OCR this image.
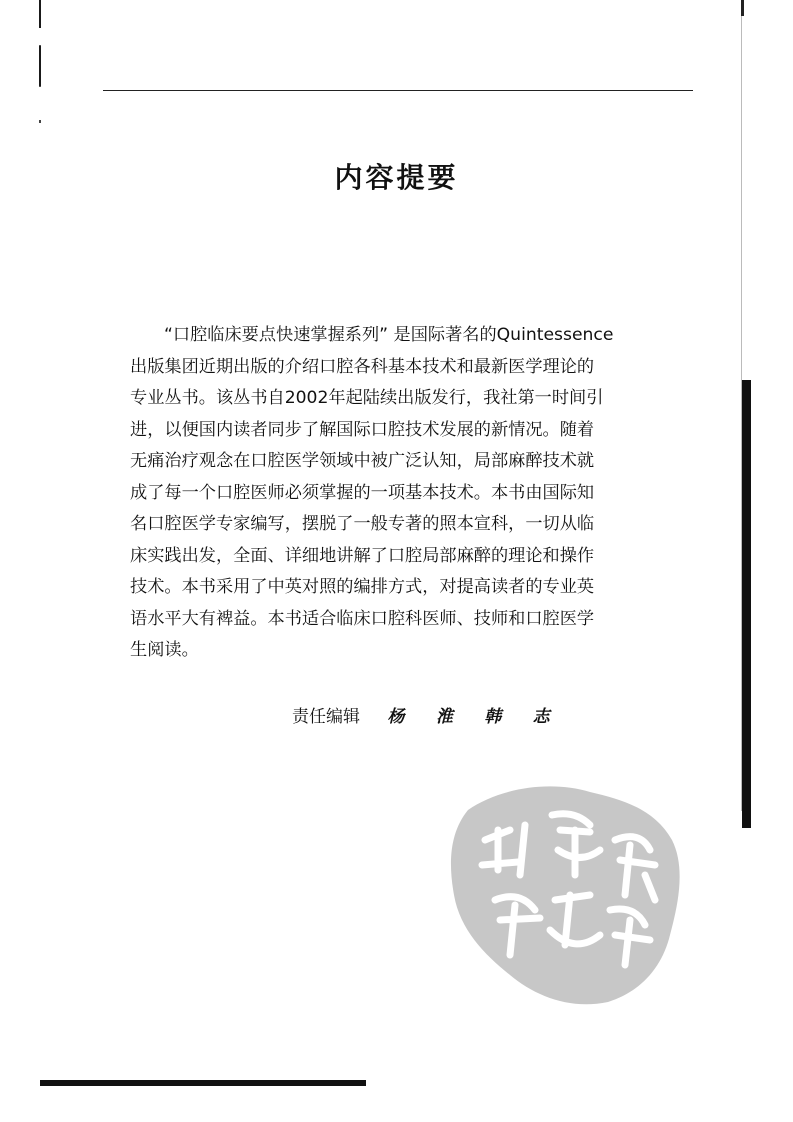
内容提要
“口腔临床要点快速掌握系列” 是国际著名的Quintessence
出版集团近期出版的介绍口腔各科基本技术和最新医学理论的
专业丛书。该丛书自2002年起陆续出版发行，我社第一时间引
进，以便国内读者同步了解国际口腔技术发展的新情况。随着
无痛治疗观念在口腔医学领域中被广泛认知，局部麻醉技术就
成了每一个口腔医师必须掌握的一项基本技术。本书由国际知
名口腔医学专家编写，摆脱了一般专著的照本宣科，一切从临
床实践出发，全面、详细地讲解了口腔局部麻醉的理论和操作
技术。本书采用了中英对照的编排方式，对提高读者的专业英
语水平大有裨益。本书适合临床口腔科医师、技师和口腔医学
生阅读。
责任编辑 杨 淮 韩 志
